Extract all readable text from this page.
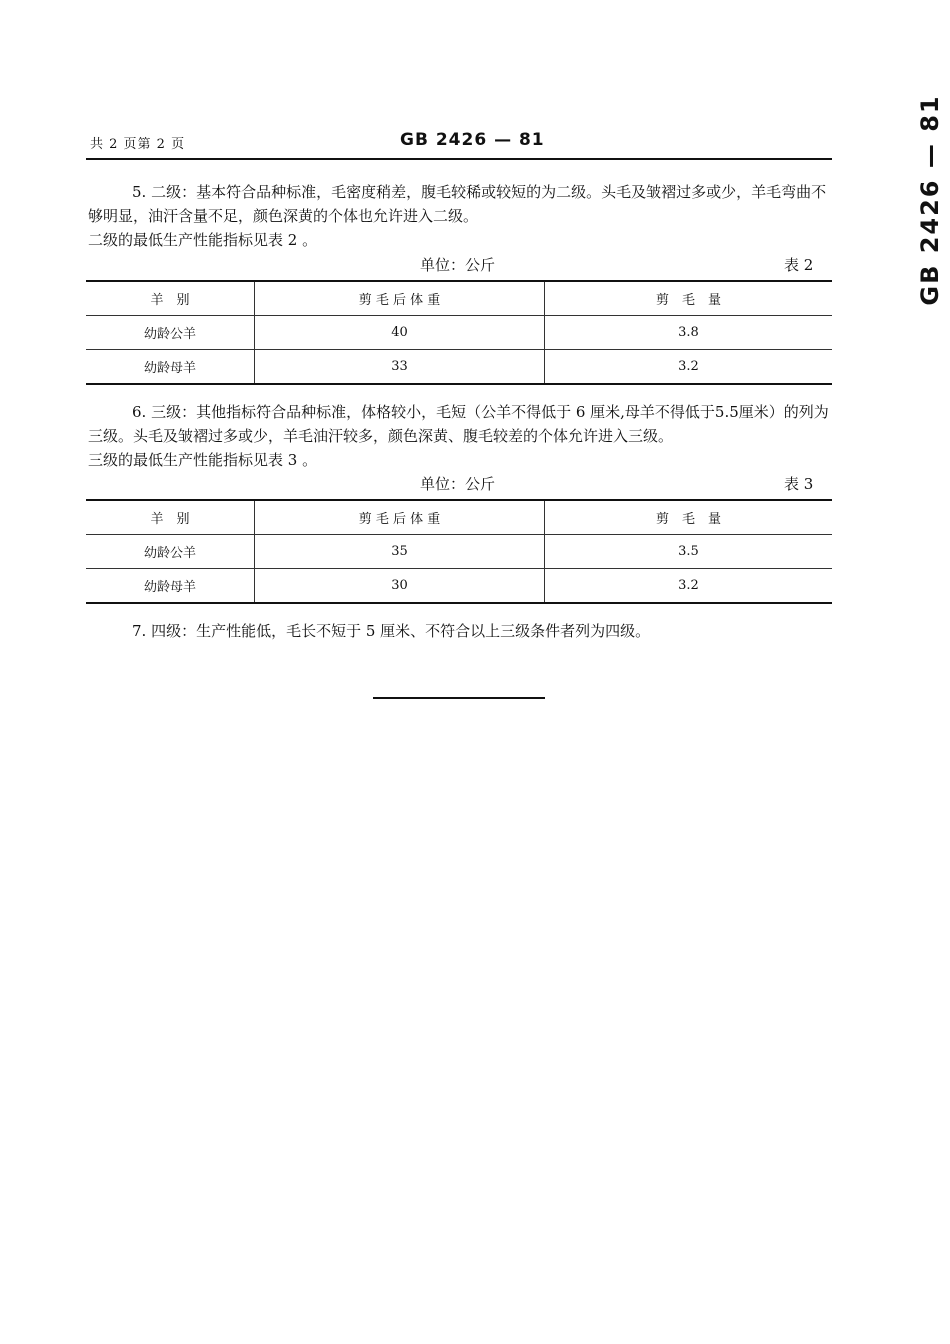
共 2 页第 2 页	GB 2426 — 81	GB 2426 — 81

5. 二级：基本符合品种标准，毛密度稍差，腹毛较稀或较短的为二级。头毛及皱褶过多或少，羊毛弯曲不够明显，油汗含量不足，颜色深黄的个体也允许进入二级。

二级的最低生产性能指标见表 2 。

单位：公斤	表 2
羊　别	剪 毛 后 体 重	剪　毛　量
幼龄公羊	40	3.8
幼龄母羊	33	3.2

6. 三级：其他指标符合品种标准，体格较小，毛短（公羊不得低于 6 厘米,母羊不得低于5.5厘米）的列为三级。头毛及皱褶过多或少，羊毛油汗较多，颜色深黄、腹毛较差的个体允许进入三级。

三级的最低生产性能指标见表 3 。

单位：公斤	表 3
羊　别	剪 毛 后 体 重	剪　毛　量
幼龄公羊	35	3.5
幼龄母羊	30	3.2

7. 四级：生产性能低，毛长不短于 5 厘米、不符合以上三级条件者列为四级。
